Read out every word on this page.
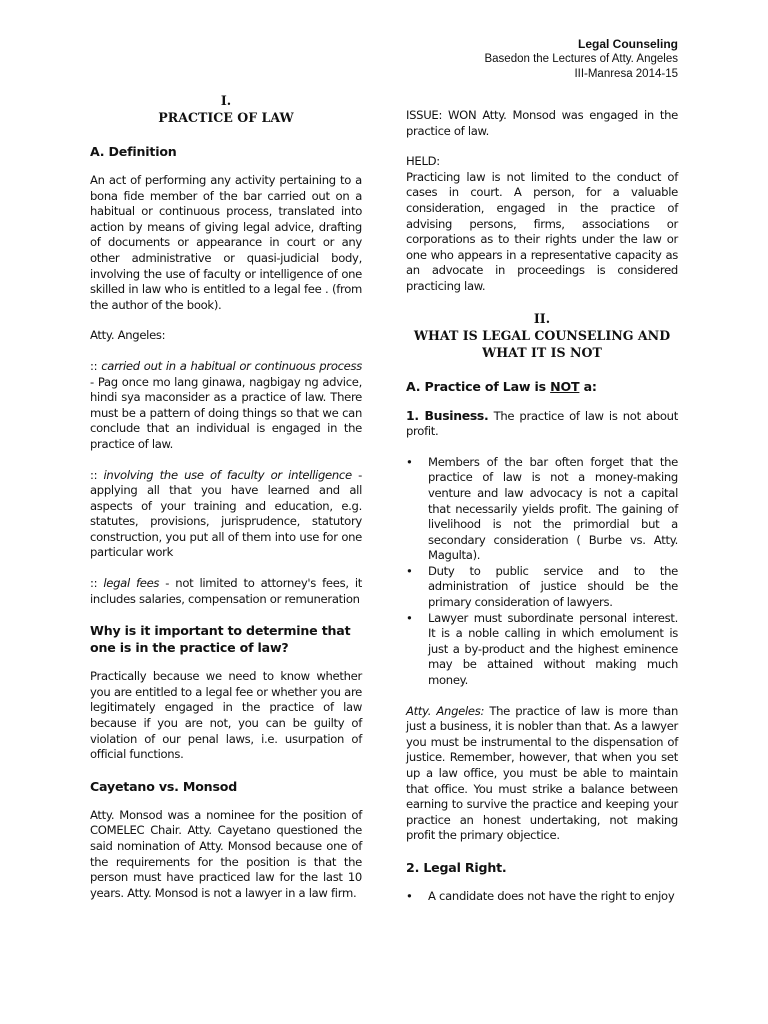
Legal Counseling
Basedon the Lectures of Atty. Angeles
III-Manresa 2014-15
I.
PRACTICE OF LAW
A. Definition

An act of performing any activity pertaining to a bona fide member of the bar carried out on a habitual or continuous process, translated into action by means of giving legal advice, drafting of documents or appearance in court or any other administrative or quasi-judicial body, involving the use of faculty or intelligence of one skilled in law who is entitled to a legal fee . (from the author of the book).

Atty. Angeles:

:: carried out in a habitual or continuous process - Pag once mo lang ginawa, nagbigay ng advice, hindi sya maconsider as a practice of law. There must be a pattern of doing things so that we can conclude that an individual is engaged in the practice of law.

:: involving the use of faculty or intelligence - applying all that you have learned and all aspects of your training and education, e.g. statutes, provisions, jurisprudence, statutory construction, you put all of them into use for one particular work

:: legal fees - not limited to attorney's fees, it includes salaries, compensation or remuneration

Why is it important to determine that one is in the practice of law?

Practically because we need to know whether you are entitled to a legal fee or whether you are legitimately engaged in the practice of law because if you are not, you can be guilty of violation of our penal laws, i.e. usurpation of official functions.

Cayetano vs. Monsod

Atty. Monsod was a nominee for the position of COMELEC Chair. Atty. Cayetano questioned the said nomination of Atty. Monsod because one of the requirements for the position is that the person must have practiced law for the last 10 years. Atty. Monsod is not a lawyer in a law firm.

ISSUE: WON Atty. Monsod was engaged in the practice of law.

HELD:

Practicing law is not limited to the conduct of cases in court. A person, for a valuable consideration, engaged in the practice of advising persons, firms, associations or corporations as to their rights under the law or one who appears in a representative capacity as an advocate in proceedings is considered practicing law.

II.
WHAT IS LEGAL COUNSELING AND WHAT IT IS NOT
A. Practice of Law is NOT a:

1. Business. The practice of law is not about profit.

• Members of the bar often forget that the practice of law is not a money-making venture and law advocacy is not a capital that necessarily yields profit. The gaining of livelihood is not the primordial but a secondary consideration ( Burbe vs. Atty. Magulta).
• Duty to public service and to the administration of justice should be the primary consideration of lawyers.
• Lawyer must subordinate personal interest. It is a noble calling in which emolument is just a by-product and the highest eminence may be attained without making much money.

Atty. Angeles: The practice of law is more than just a business, it is nobler than that. As a lawyer you must be instrumental to the dispensation of justice. Remember, however, that when you set up a law office, you must be able to maintain that office. You must strike a balance between earning to survive the practice and keeping your practice an honest undertaking, not making profit the primary objectice.

2. Legal Right.
• A candidate does not have the right to enjoy
